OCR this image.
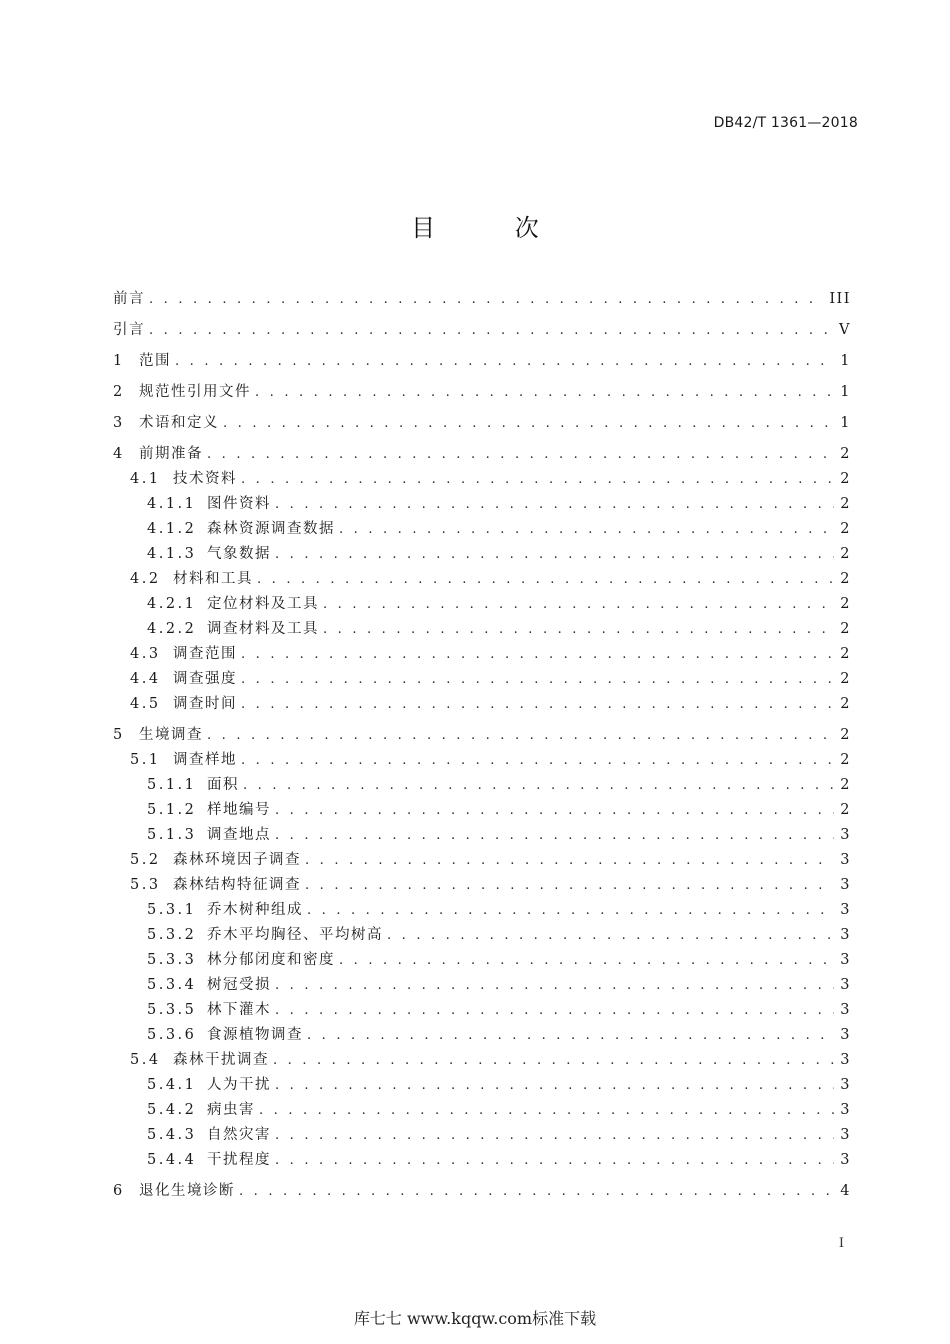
DB42/T 1361—2018
目 次
前言 . . .	III
引言 . . .	V
1 范围 . . .	1
2 规范性引用文件 . . .	1
3 术语和定义 . . .	1
4 前期准备 . . .	2
4.1 技术资料 . . .	2
4.1.1 图件资料 . . .	2
4.1.2 森林资源调查数据 . . .	2
4.1.3 气象数据 . . .	2
4.2 材料和工具 . . .	2
4.2.1 定位材料及工具 . . .	2
4.2.2 调查材料及工具 . . .	2
4.3 调查范围 . . .	2
4.4 调查强度 . . .	2
4.5 调查时间 . . .	2
5 生境调查 . . .	2
5.1 调查样地 . . .	2
5.1.1 面积 . . .	2
5.1.2 样地编号 . . .	2
5.1.3 调查地点 . . .	3
5.2 森林环境因子调查 . . .	3
5.3 森林结构特征调查 . . .	3
5.3.1 乔木树种组成 . . .	3
5.3.2 乔木平均胸径、平均树高 . . .	3
5.3.3 林分郁闭度和密度 . . .	3
5.3.4 树冠受损 . . .	3
5.3.5 林下灌木 . . .	3
5.3.6 食源植物调查 . . .	3
5.4 森林干扰调查 . . .	3
5.4.1 人为干扰 . . .	3
5.4.2 病虫害 . . .	3
5.4.3 自然灾害 . . .	3
5.4.4 干扰程度 . . .	3
6 退化生境诊断 . . .	4
I
库七七 www.kqqw.com标准下载
